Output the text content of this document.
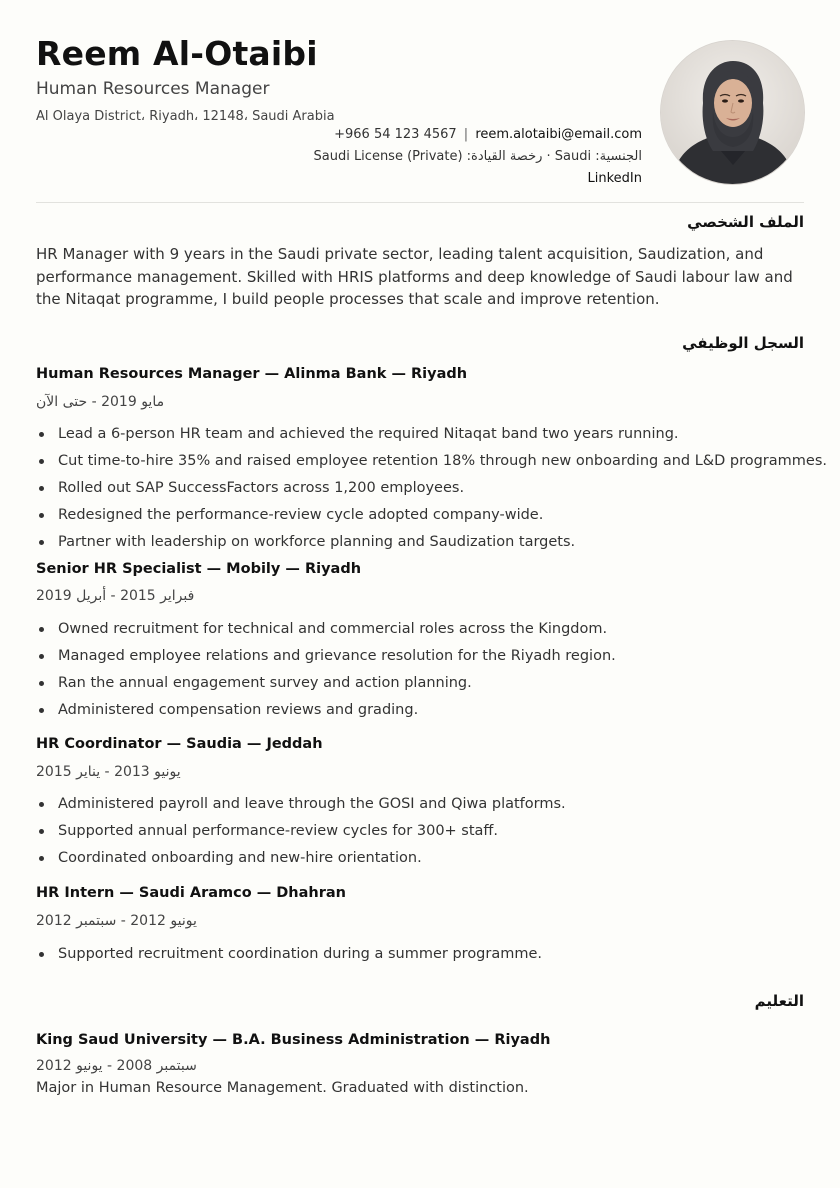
Reem Al-Otaibi
Human Resources Manager
Al Olaya District، Riyadh، 12148، Saudi Arabia
+966 54 123 4567 | reem.alotaibi@email.com
الجنسية: Saudi · رخصة القيادة: Saudi License (Private)
LinkedIn
الملف الشخصي
HR Manager with 9 years in the Saudi private sector, leading talent acquisition, Saudization, and performance management. Skilled with HRIS platforms and deep knowledge of Saudi labour law and the Nitaqat programme, I build people processes that scale and improve retention.
السجل الوظيفي
Human Resources Manager — Alinma Bank — Riyadh
مايو 2019 - حتى الآن
Lead a 6-person HR team and achieved the required Nitaqat band two years running.
Cut time-to-hire 35% and raised employee retention 18% through new onboarding and L&D programmes.
Rolled out SAP SuccessFactors across 1,200 employees.
Redesigned the performance-review cycle adopted company-wide.
Partner with leadership on workforce planning and Saudization targets.
Senior HR Specialist — Mobily — Riyadh
فبراير 2015 - أبريل 2019
Owned recruitment for technical and commercial roles across the Kingdom.
Managed employee relations and grievance resolution for the Riyadh region.
Ran the annual engagement survey and action planning.
Administered compensation reviews and grading.
HR Coordinator — Saudia — Jeddah
يونيو 2013 - يناير 2015
Administered payroll and leave through the GOSI and Qiwa platforms.
Supported annual performance-review cycles for 300+ staff.
Coordinated onboarding and new-hire orientation.
HR Intern — Saudi Aramco — Dhahran
يونيو 2012 - سبتمبر 2012
Supported recruitment coordination during a summer programme.
التعليم
King Saud University — B.A. Business Administration — Riyadh
سبتمبر 2008 - يونيو 2012
Major in Human Resource Management. Graduated with distinction.
